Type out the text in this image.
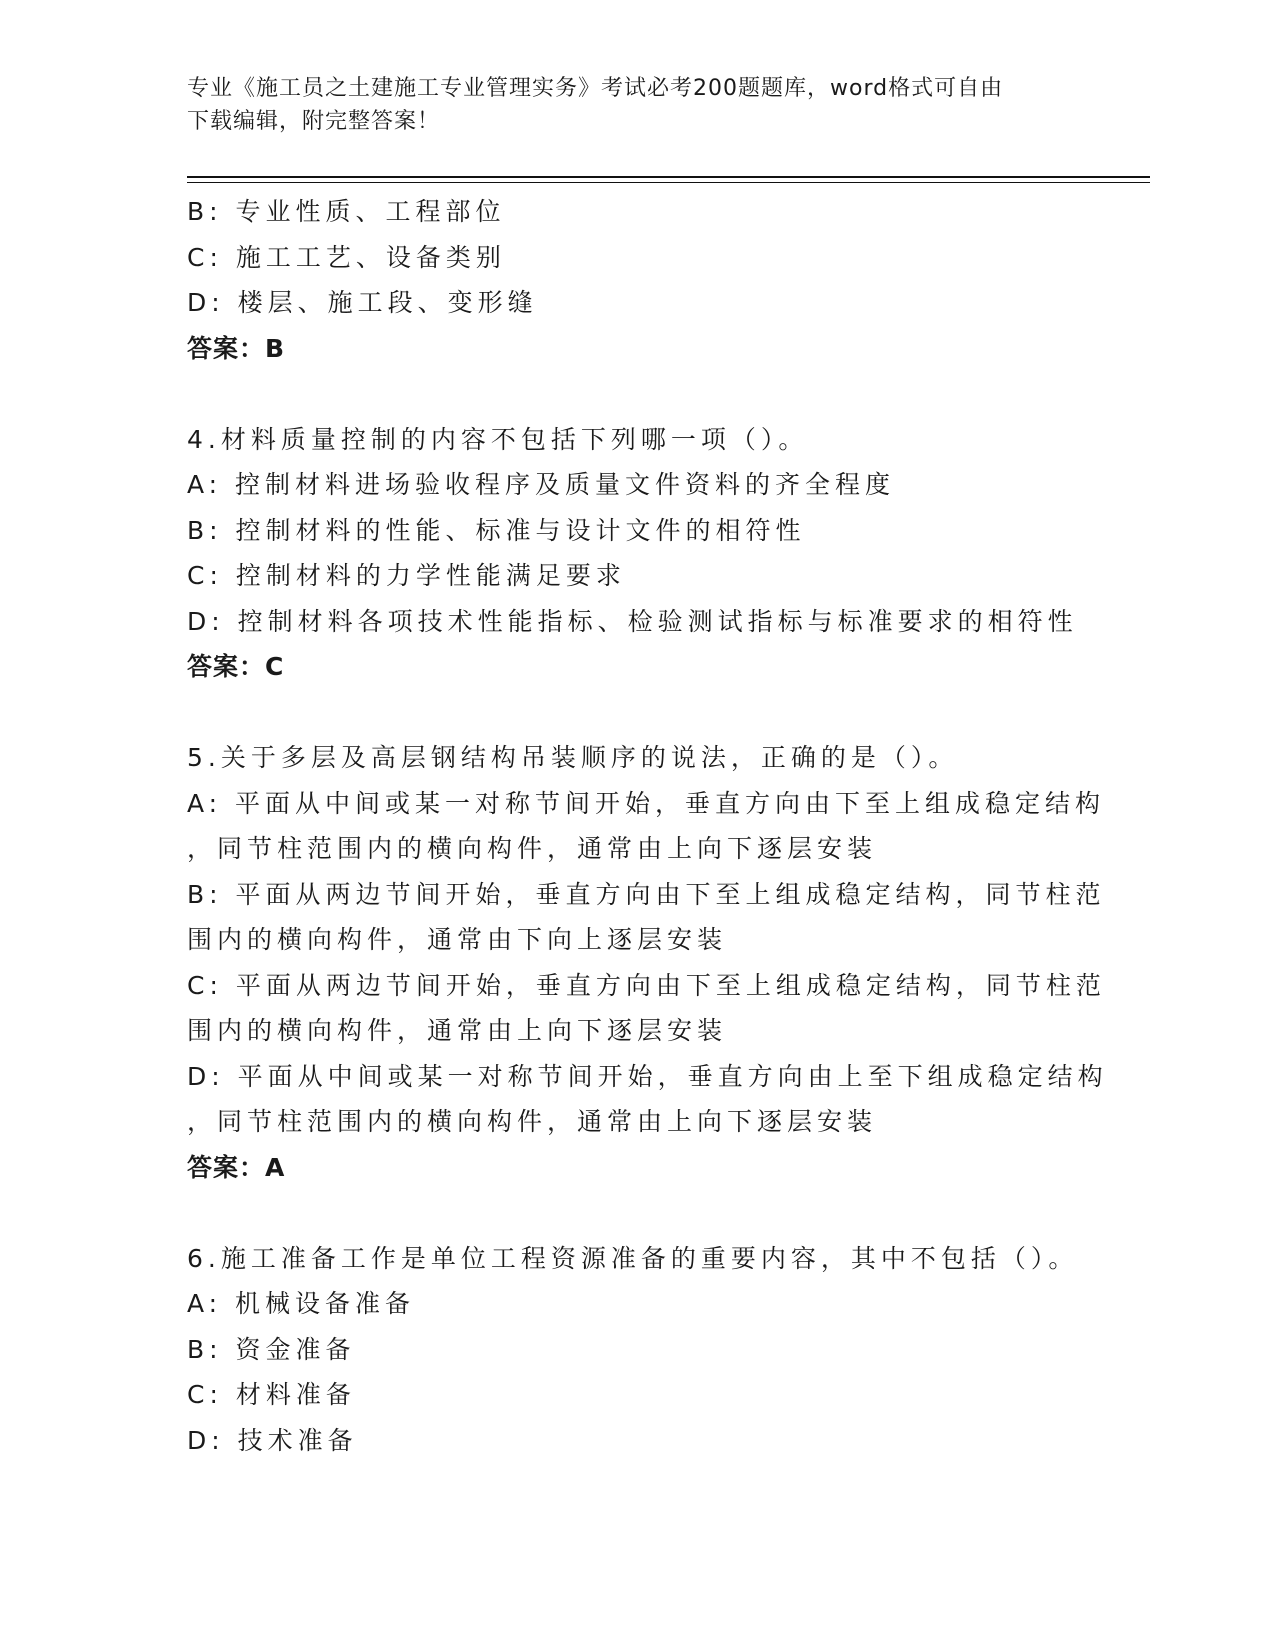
专业《施工员之土建施工专业管理实务》考试必考200题题库，word格式可自由
下载编辑，附完整答案！
B: 专业性质、工程部位
C: 施工工艺、设备类别
D: 楼层、施工段、变形缝
答案：B
4.材料质量控制的内容不包括下列哪一项（）。
A: 控制材料进场验收程序及质量文件资料的齐全程度
B: 控制材料的性能、标准与设计文件的相符性
C: 控制材料的力学性能满足要求
D: 控制材料各项技术性能指标、检验测试指标与标准要求的相符性
答案：C
5.关于多层及高层钢结构吊装顺序的说法，正确的是（）。
A: 平面从中间或某一对称节间开始，垂直方向由下至上组成稳定结构
，同节柱范围内的横向构件，通常由上向下逐层安装
B: 平面从两边节间开始，垂直方向由下至上组成稳定结构，同节柱范
围内的横向构件，通常由下向上逐层安装
C: 平面从两边节间开始，垂直方向由下至上组成稳定结构，同节柱范
围内的横向构件，通常由上向下逐层安装
D: 平面从中间或某一对称节间开始，垂直方向由上至下组成稳定结构
，同节柱范围内的横向构件，通常由上向下逐层安装
答案：A
6.施工准备工作是单位工程资源准备的重要内容，其中不包括（）。
A: 机械设备准备
B: 资金准备
C: 材料准备
D: 技术准备
